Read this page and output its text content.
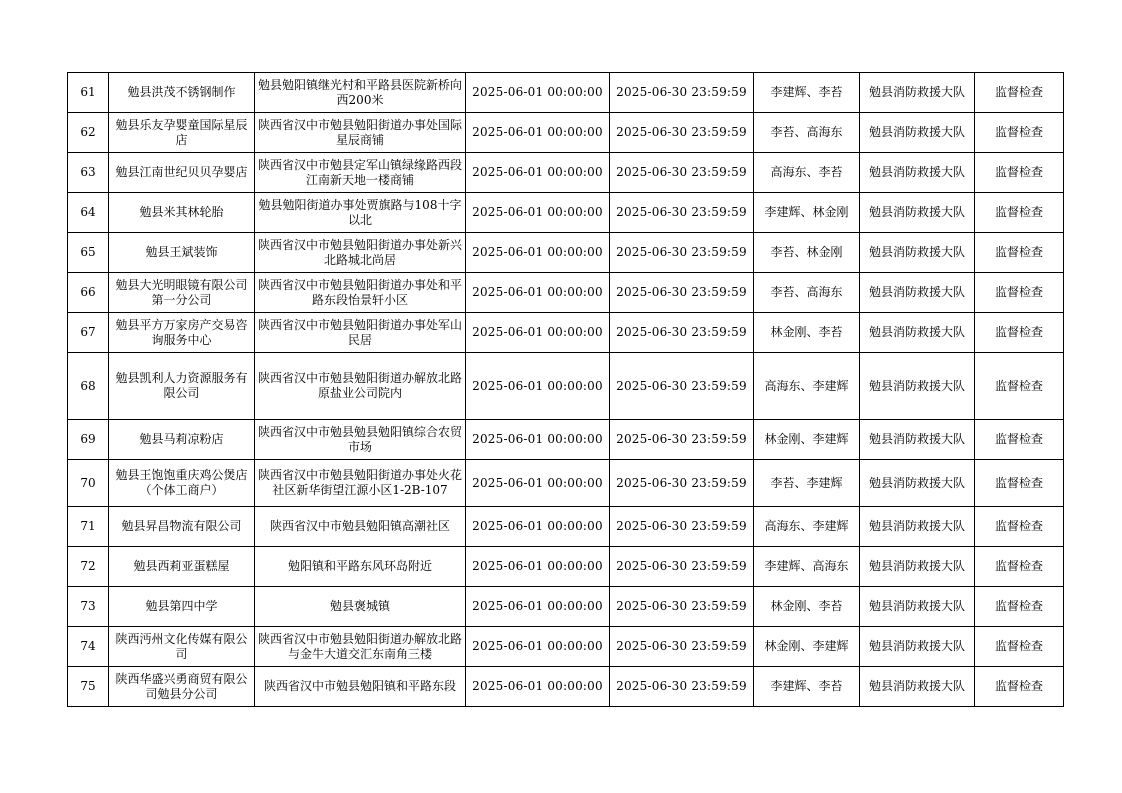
61	勉县洪茂不锈钢制作	勉县勉阳镇继光村和平路县医院新桥向西200米	2025-06-01 00:00:00	2025-06-30 23:59:59	李建辉、李苔	勉县消防救援大队	监督检查
62	勉县乐友孕婴童国际星辰店	陕西省汉中市勉县勉阳街道办事处国际星辰商铺	2025-06-01 00:00:00	2025-06-30 23:59:59	李苔、高海东	勉县消防救援大队	监督检查
63	勉县江南世纪贝贝孕婴店	陕西省汉中市勉县定军山镇绿缘路西段江南新天地一楼商铺	2025-06-01 00:00:00	2025-06-30 23:59:59	高海东、李苔	勉县消防救援大队	监督检查
64	勉县米其林轮胎	勉县勉阳街道办事处贾旗路与108十字以北	2025-06-01 00:00:00	2025-06-30 23:59:59	李建辉、林金刚	勉县消防救援大队	监督检查
65	勉县王斌装饰	陕西省汉中市勉县勉阳街道办事处新兴北路城北尚居	2025-06-01 00:00:00	2025-06-30 23:59:59	李苔、林金刚	勉县消防救援大队	监督检查
66	勉县大光明眼镜有限公司第一分公司	陕西省汉中市勉县勉阳街道办事处和平路东段怡景轩小区	2025-06-01 00:00:00	2025-06-30 23:59:59	李苔、高海东	勉县消防救援大队	监督检查
67	勉县平方万家房产交易咨询服务中心	陕西省汉中市勉县勉阳街道办事处军山民居	2025-06-01 00:00:00	2025-06-30 23:59:59	林金刚、李苔	勉县消防救援大队	监督检查
68	勉县凯利人力资源服务有限公司	陕西省汉中市勉县勉阳街道办解放北路原盐业公司院内	2025-06-01 00:00:00	2025-06-30 23:59:59	高海东、李建辉	勉县消防救援大队	监督检查
69	勉县马莉凉粉店	陕西省汉中市勉县勉县勉阳镇综合农贸市场	2025-06-01 00:00:00	2025-06-30 23:59:59	林金刚、李建辉	勉县消防救援大队	监督检查
70	勉县王饱饱重庆鸡公煲店（个体工商户）	陕西省汉中市勉县勉阳街道办事处火花社区新华街望江源小区1-2B-107	2025-06-01 00:00:00	2025-06-30 23:59:59	李苔、李建辉	勉县消防救援大队	监督检查
71	勉县昇昌物流有限公司	陕西省汉中市勉县勉阳镇高潮社区	2025-06-01 00:00:00	2025-06-30 23:59:59	高海东、李建辉	勉县消防救援大队	监督检查
72	勉县西莉亚蛋糕屋	勉阳镇和平路东风环岛附近	2025-06-01 00:00:00	2025-06-30 23:59:59	李建辉、高海东	勉县消防救援大队	监督检查
73	勉县第四中学	勉县褒城镇	2025-06-01 00:00:00	2025-06-30 23:59:59	林金刚、李苔	勉县消防救援大队	监督检查
74	陕西沔州文化传媒有限公司	陕西省汉中市勉县勉阳街道办解放北路与金牛大道交汇东南角三楼	2025-06-01 00:00:00	2025-06-30 23:59:59	林金刚、李建辉	勉县消防救援大队	监督检查
75	陕西华盛兴勇商贸有限公司勉县分公司	陕西省汉中市勉县勉阳镇和平路东段	2025-06-01 00:00:00	2025-06-30 23:59:59	李建辉、李苔	勉县消防救援大队	监督检查
